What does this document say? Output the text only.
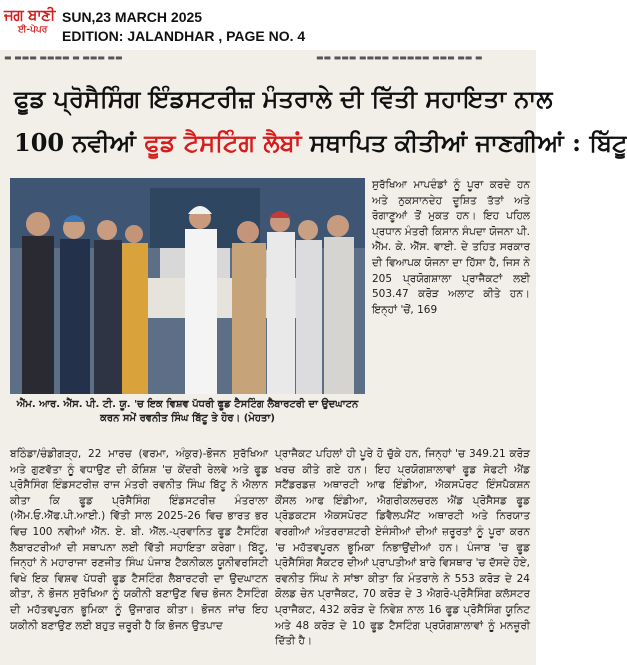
ਜਗ ਬਾਣੀ
ਈ-ਪੇਪਰ
SUN,23 MARCH 2025
EDITION: JALANDHAR , PAGE NO. 4
▬ ▬▬▬ ▬▬▬▬ ▬ ▬▬▬ ▬▬	▬▬ ▬▬▬ ▬▬▬▬ ▬▬▬▬▬ ▬▬▬ ▬▬ ▬
ਫੂਡ ਪ੍ਰੋਸੈਸਿੰਗ ਇੰਡਸਟਰੀਜ਼ ਮੰਤਰਾਲੇ ਦੀ ਵਿੱਤੀ ਸਹਾਇਤਾ ਨਾਲ
100 ਨਵੀਆਂ ਫੂਡ ਟੈਸਟਿੰਗ ਲੈਬਾਂ ਸਥਾਪਿਤ ਕੀਤੀਆਂ ਜਾਣਗੀਆਂ : ਬਿੱਟੂ
ਐੱਮ. ਆਰ. ਐੱਸ. ਪੀ. ਟੀ. ਯੂ. 'ਚ ਇਕ ਵਿਸ਼ਵ ਪੱਧਰੀ ਫੂਡ ਟੈਸਟਿੰਗ ਲੈਬਾਰਟਰੀ ਦਾ ਉਦਘਾਟਨ ਕਰਨ ਸਮੇਂ ਰਵਨੀਤ ਸਿੰਘ ਬਿੱਟੂ ਤੇ ਹੋਰ। (ਮੇਹਤਾ)

ਸੁਰੱਖਿਆ ਮਾਪਦੰਡਾਂ ਨੂੰ ਪੂਰਾ ਕਰਦੇ ਹਨ ਅਤੇ ਨੁਕਸਾਨਦੇਹ ਦੂਸ਼ਿਤ ਤੱਤਾਂ ਅਤੇ ਰੋਗਾਣੂਆਂ ਤੋਂ ਮੁਕਤ ਹਨ। ਇਹ ਪਹਿਲ ਪ੍ਰਧਾਨ ਮੰਤਰੀ ਕਿਸਾਨ ਸੰਪਦਾ ਯੋਜਨਾ ਪੀ. ਐੱਮ. ਕੇ. ਐੱਸ. ਵਾਈ. ਦੇ ਤਹਿਤ ਸਰਕਾਰ ਦੀ ਵਿਆਪਕ ਯੋਜਨਾ ਦਾ ਹਿੱਸਾ ਹੈ, ਜਿਸ ਨੇ 205 ਪ੍ਰਯੋਗਸ਼ਾਲਾ ਪ੍ਰਾਜੈਕਟਾਂ ਲਈ 503.47 ਕਰੋੜ ਅਲਾਟ ਕੀਤੇ ਹਨ। ਇਨ੍ਹਾਂ 'ਚੋਂ, 169

ਬਠਿੰਡਾ/ਚੰਡੀਗੜ੍ਹ, 22 ਮਾਰਚ (ਵਰਮਾ, ਅੰਕੁਰ)-ਭੋਜਨ ਸੁਰੱਖਿਆ ਅਤੇ ਗੁਣਵੱਤਾ ਨੂੰ ਵਧਾਉਣ ਦੀ ਕੋਸ਼ਿਸ਼ 'ਚ ਕੇਂਦਰੀ ਰੇਲਵੇ ਅਤੇ ਫੂਡ ਪ੍ਰੋਸੈਸਿੰਗ ਇੰਡਸਟਰੀਜ਼ ਰਾਜ ਮੰਤਰੀ ਰਵਨੀਤ ਸਿੰਘ ਬਿੱਟੂ ਨੇ ਐਲਾਨ ਕੀਤਾ ਕਿ ਫੂਡ ਪ੍ਰੋਸੈਸਿੰਗ ਇੰਡਸਟਰੀਜ਼ ਮੰਤਰਾਲਾ (ਐੱਮ.ਓ.ਐੱਫ.ਪੀ.ਆਈ.) ਵਿੱਤੀ ਸਾਲ 2025-26 ਵਿਚ ਭਾਰਤ ਭਰ ਵਿਚ 100 ਨਵੀਆਂ ਐੱਨ. ਏ. ਬੀ. ਐੱਲ.-ਪ੍ਰਵਾਨਿਤ ਫੂਡ ਟੈਸਟਿੰਗ ਲੈਬਾਰਟਰੀਆਂ ਦੀ ਸਥਾਪਨਾ ਲਈ ਵਿੱਤੀ ਸਹਾਇਤਾ ਕਰੇਗਾ। ਬਿੱਟੂ, ਜਿਨ੍ਹਾਂ ਨੇ ਮਹਾਰਾਜਾ ਰਣਜੀਤ ਸਿੰਘ ਪੰਜਾਬ ਟੈਕਨੀਕਲ ਯੂਨੀਵਰਸਿਟੀ ਵਿਖੇ ਇਕ ਵਿਸ਼ਵ ਪੱਧਰੀ ਫੂਡ ਟੈਸਟਿੰਗ ਲੈਬਾਰਟਰੀ ਦਾ ਉਦਘਾਟਨ ਕੀਤਾ, ਨੇ ਭੋਜਨ ਸੁਰੱਖਿਆ ਨੂੰ ਯਕੀਨੀ ਬਣਾਉਣ ਵਿਚ ਭੋਜਨ ਟੈਸਟਿੰਗ ਦੀ ਮਹੱਤਵਪੂਰਨ ਭੂਮਿਕਾ ਨੂੰ ਉਜਾਗਰ ਕੀਤਾ। ਭੋਜਨ ਜਾਂਚ ਇਹ ਯਕੀਨੀ ਬਣਾਉਣ ਲਈ ਬਹੁਤ ਜ਼ਰੂਰੀ ਹੈ ਕਿ ਭੋਜਨ ਉਤਪਾਦ

ਪ੍ਰਾਜੈਕਟ ਪਹਿਲਾਂ ਹੀ ਪੂਰੇ ਹੋ ਚੁੱਕੇ ਹਨ, ਜਿਨ੍ਹਾਂ 'ਚ 349.21 ਕਰੋੜ ਖਰਚ ਕੀਤੇ ਗਏ ਹਨ। ਇਹ ਪ੍ਰਯੋਗਸ਼ਾਲਾਵਾਂ ਫੂਡ ਸੇਫਟੀ ਐਂਡ ਸਟੈਂਡਰਡਜ਼ ਅਥਾਰਟੀ ਆਫ ਇੰਡੀਆ, ਐਕਸਪੋਰਟ ਇੰਸਪੈਕਸ਼ਨ ਕੌਂਸਲ ਆਫ ਇੰਡੀਆ, ਐਗਰੀਕਲਚਰਲ ਐਂਡ ਪ੍ਰੋਸੈਸਡ ਫੂਡ ਪ੍ਰੋਡਕਟਸ ਐਕਸਪੋਰਟ ਡਿਵੈਲਪਮੈਂਟ ਅਥਾਰਟੀ ਅਤੇ ਨਿਰਯਾਤ ਵਰਗੀਆਂ ਅੰਤਰਰਾਸ਼ਟਰੀ ਏਜੰਸੀਆਂ ਦੀਆਂ ਜ਼ਰੂਰਤਾਂ ਨੂੰ ਪੂਰਾ ਕਰਨ 'ਚ ਮਹੱਤਵਪੂਰਨ ਭੂਮਿਕਾ ਨਿਭਾਉਂਦੀਆਂ ਹਨ। ਪੰਜਾਬ 'ਚ ਫੂਡ ਪ੍ਰੋਸੈਸਿੰਗ ਸੈਕਟਰ ਦੀਆਂ ਪ੍ਰਾਪਤੀਆਂ ਬਾਰੇ ਵਿਸਥਾਰ 'ਚ ਦੱਸਦੇ ਹੋਏ, ਰਵਨੀਤ ਸਿੰਘ ਨੇ ਸਾਂਝਾ ਕੀਤਾ ਕਿ ਮੰਤਰਾਲੇ ਨੇ 553 ਕਰੋੜ ਦੇ 24 ਕੋਲਡ ਚੇਨ ਪ੍ਰਾਜੈਕਟ, 70 ਕਰੋੜ ਦੇ 3 ਐਗਰੋ-ਪ੍ਰੋਸੈਸਿੰਗ ਕਲੱਸਟਰ ਪ੍ਰਾਜੈਕਟ, 432 ਕਰੋੜ ਦੇ ਨਿਵੇਸ਼ ਨਾਲ 16 ਫੂਡ ਪ੍ਰੋਸੈਸਿੰਗ ਯੂਨਿਟ ਅਤੇ 48 ਕਰੋੜ ਦੇ 10 ਫੂਡ ਟੈਸਟਿੰਗ ਪ੍ਰਯੋਗਸ਼ਾਲਾਵਾਂ ਨੂੰ ਮਨਜ਼ੂਰੀ ਦਿੱਤੀ ਹੈ।
